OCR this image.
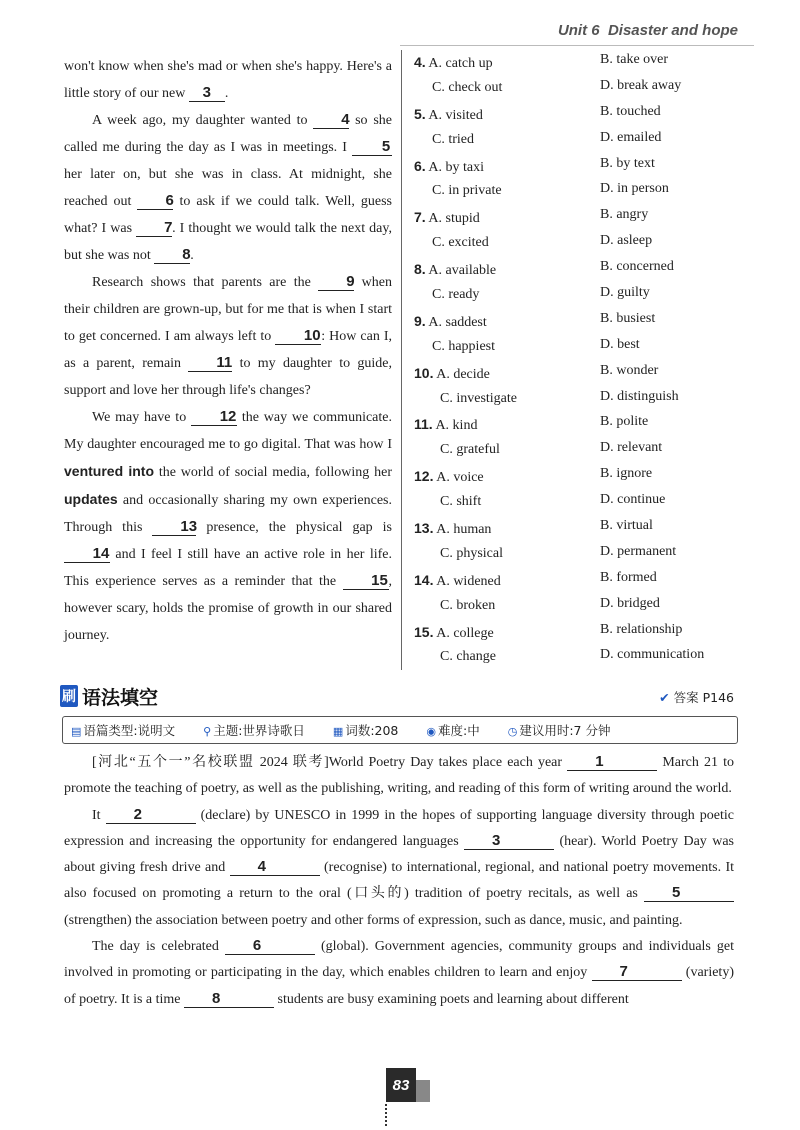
Unit 6 Disaster and hope

won't know when she's mad or when she's happy. Here's a little story of our new 3 .

A week ago, my daughter wanted to 4 so she called me during the day as I was in meetings. I 5 her later on, but she was in class. At midnight, she reached out 6 to ask if we could talk. Well, guess what? I was 7. I thought we would talk the next day, but she was not 8.

Research shows that parents are the 9 when their children are grown-up, but for me that is when I start to get concerned. I am always left to 10: How can I, as a parent, remain 11 to my daughter to guide, support and love her through life's changes?

We may have to 12 the way we communicate. My daughter encouraged me to go digital. That was how I ventured into the world of social media, following her updates and occasionally sharing my own experiences. Through this 13 presence, the physical gap is 14 and I feel I still have an active role in her life. This experience serves as a reminder that the 15, however scary, holds the promise of growth in our shared journey.

4. A. catch up	B. take over
C. check out	D. break away
5. A. visited	B. touched
C. tried	D. emailed
6. A. by taxi	B. by text
C. in private	D. in person
7. A. stupid	B. angry
C. excited	D. asleep
8. A. available	B. concerned
C. ready	D. guilty
9. A. saddest	B. busiest
C. happiest	D. best
10. A. decide	B. wonder
C. investigate	D. distinguish
11. A. kind	B. polite
C. grateful	D. relevant
12. A. voice	B. ignore
C. shift	D. continue
13. A. human	B. virtual
C. physical	D. permanent
14. A. widened	B. formed
C. broken	D. bridged
15. A. college	B. relationship
C. change	D. communication
刷 语法填空	✔ 答案 P146
▤ 语篇类型:说明文	⚲ 主题:世界诗歌日	▦ 词数:208	◉ 难度:中	◷ 建议用时:7 分钟

[河北“五个一”名校联盟 2024 联考]World Poetry Day takes place each year 1	March 21 to promote the teaching of poetry, as well as the publishing, writing, and reading of this form of writing around the world.

It 2	(declare) by UNESCO in 1999 in the hopes of supporting language diversity through poetic expression and increasing the opportunity for endangered languages 3	(hear). World Poetry Day was about giving fresh drive and 4	(recognise) to international, regional, and national poetry movements. It also focused on promoting a return to the oral (口头的) tradition of poetry recitals, as well as 5 (strengthen) the association between poetry and other forms of expression, such as dance, music, and painting.

The day is celebrated 6	(global). Government agencies, community groups and individuals get involved in promoting or participating in the day, which enables children to learn and enjoy 7	(variety) of poetry. It is a time 8	students are busy examining poets and learning about different

83
